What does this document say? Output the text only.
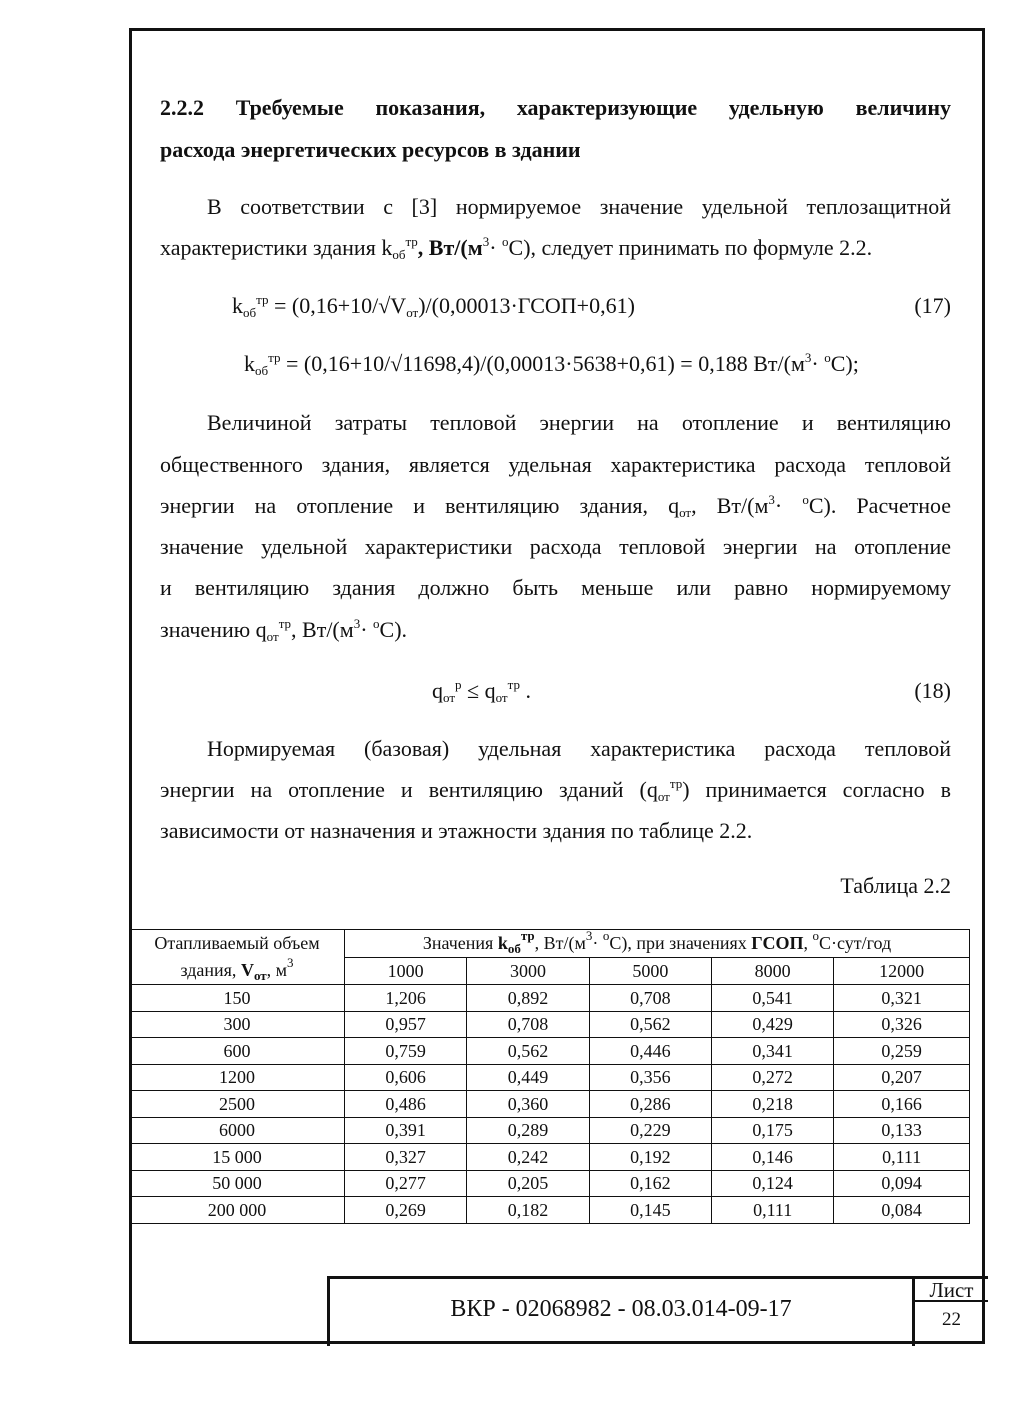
2.2.2 Требуемые показания, характеризующие удельную величину
расхода энергетических ресурсов в здании
В соответствии с [3] нормируемое значение удельной теплозащитной
характеристики здания $k_{об}^{тр}$, $Вт/(м^3\cdot ^оС)$, следует принимать по формуле 2.2.
$k_{об}^{тр}$ = $(0,16+10/√V_{от})/(0,00013\cdot ГСОП+0,61)$	(17)
$k_{об}^{тр} = (0,16+10/√11698,4)/(0,00013\cdot 5638+0,61) = 0,188$ $Вт/(м^3\cdot ^оС)$;
Величиной затраты тепловой энергии на отопление и вентиляцию
общественного здания, является удельная характеристика расхода тепловой
энергии на отопление и вентиляцию здания, $q_{от}$, $Вт/(м^3\cdot ^оС)$. Расчетное
значение удельной характеристики расхода тепловой энергии на отопление
и вентиляцию здания должно быть меньше или равно нормируемому
значению $q_{от}^{тр}$, $Вт/(м^3\cdot ^оС)$.
$q_{от}^р \le q_{от}^{тр}$ .	(18)
Нормируемая (базовая) удельная характеристика расхода тепловой
энергии на отопление и вентиляцию зданий $(q_{от}^{тр})$ принимается согласно в
зависимости от назначения и этажности здания по таблице 2.2.
Таблица 2.2
Отапливаемый объем
здания, $V_{от}$, $м^3$	Значения $k_{об}^{тр}$, $Вт/(м^3\cdot ^оС)$, при значениях ГСОП, $^о$С·сут/год				
	1000	3000	5000	8000	12000
150	1,206	0,892	0,708	0,541	0,321
300	0,957	0,708	0,562	0,429	0,326
600	0,759	0,562	0,446	0,341	0,259
1200	0,606	0,449	0,356	0,272	0,207
2500	0,486	0,360	0,286	0,218	0,166
6000	0,391	0,289	0,229	0,175	0,133
15 000	0,327	0,242	0,192	0,146	0,111
50 000	0,277	0,205	0,162	0,124	0,094
200 000	0,269	0,182	0,145	0,111	0,084
ВКР - 02068982 - 08.03.014-09-17
Лист
22
